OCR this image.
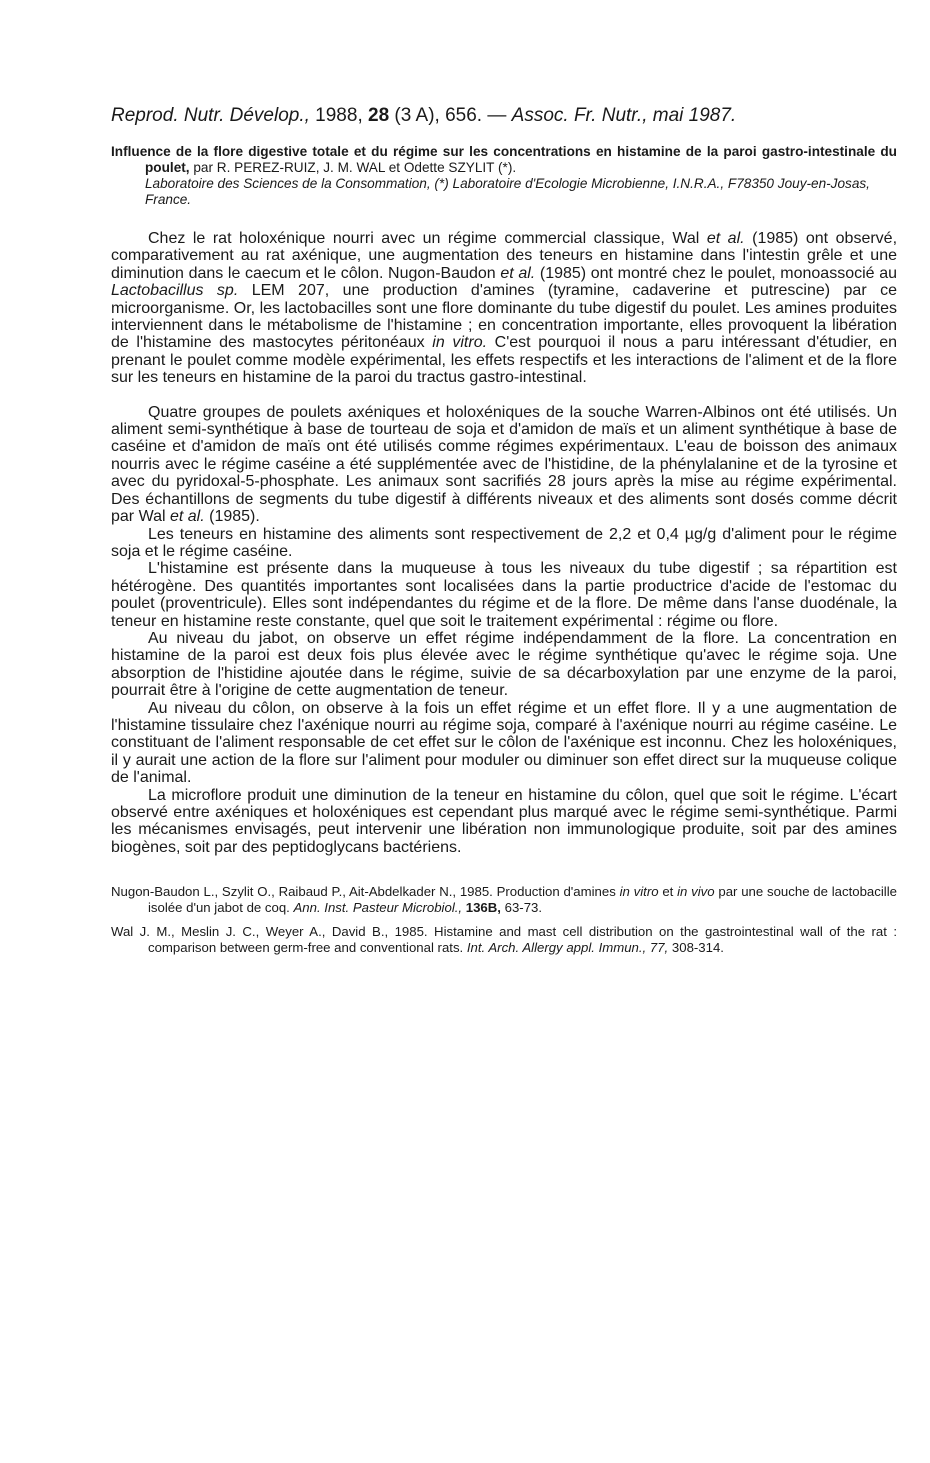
Reprod. Nutr. Dévelop., 1988, 28 (3 A), 656. — Assoc. Fr. Nutr., mai 1987.

Influence de la flore digestive totale et du régime sur les concentrations en histamine de la paroi gastro-intestinale du poulet, par R. PEREZ-RUIZ, J. M. WAL et Odette SZYLIT (*).

Laboratoire des Sciences de la Consommation, (*) Laboratoire d'Ecologie Microbienne, I.N.R.A., F78350 Jouy-en-Josas, France.

Chez le rat holoxénique nourri avec un régime commercial classique, Wal et al. (1985) ont observé, comparativement au rat axénique, une augmentation des teneurs en histamine dans l'intestin grêle et une diminution dans le caecum et le côlon. Nugon-Baudon et al. (1985) ont montré chez le poulet, monoassocié au Lactobacillus sp. LEM 207, une production d'amines (tyramine, cadaverine et putrescine) par ce microorganisme. Or, les lactobacilles sont une flore dominante du tube digestif du poulet. Les amines produites interviennent dans le métabolisme de l'histamine ; en concentration importante, elles provoquent la libération de l'histamine des mastocytes péritonéaux in vitro. C'est pourquoi il nous a paru intéressant d'étudier, en prenant le poulet comme modèle expérimental, les effets respectifs et les interactions de l'aliment et de la flore sur les teneurs en histamine de la paroi du tractus gastro-intestinal.

Quatre groupes de poulets axéniques et holoxéniques de la souche Warren-Albinos ont été utilisés. Un aliment semi-synthétique à base de tourteau de soja et d'amidon de maïs et un aliment synthétique à base de caséine et d'amidon de maïs ont été utilisés comme régimes expérimentaux. L'eau de boisson des animaux nourris avec le régime caséine a été supplémentée avec de l'histidine, de la phénylalanine et de la tyrosine et avec du pyridoxal-5-phosphate. Les animaux sont sacrifiés 28 jours après la mise au régime expérimental. Des échantillons de segments du tube digestif à différents niveaux et des aliments sont dosés comme décrit par Wal et al. (1985).

Les teneurs en histamine des aliments sont respectivement de 2,2 et 0,4 µg/g d'aliment pour le régime soja et le régime caséine.

L'histamine est présente dans la muqueuse à tous les niveaux du tube digestif ; sa répartition est hétérogène. Des quantités importantes sont localisées dans la partie productrice d'acide de l'estomac du poulet (proventricule). Elles sont indépendantes du régime et de la flore. De même dans l'anse duodénale, la teneur en histamine reste constante, quel que soit le traitement expérimental : régime ou flore.

Au niveau du jabot, on observe un effet régime indépendamment de la flore. La concentration en histamine de la paroi est deux fois plus élevée avec le régime synthétique qu'avec le régime soja. Une absorption de l'histidine ajoutée dans le régime, suivie de sa décarboxylation par une enzyme de la paroi, pourrait être à l'origine de cette augmentation de teneur.

Au niveau du côlon, on observe à la fois un effet régime et un effet flore. Il y a une augmentation de l'histamine tissulaire chez l'axénique nourri au régime soja, comparé à l'axénique nourri au régime caséine. Le constituant de l'aliment responsable de cet effet sur le côlon de l'axénique est inconnu. Chez les holoxéniques, il y aurait une action de la flore sur l'aliment pour moduler ou diminuer son effet direct sur la muqueuse colique de l'animal.

La microflore produit une diminution de la teneur en histamine du côlon, quel que soit le régime. L'écart observé entre axéniques et holoxéniques est cependant plus marqué avec le régime semi-synthétique. Parmi les mécanismes envisagés, peut intervenir une libération non immunologique produite, soit par des amines biogènes, soit par des peptidoglycans bactériens.

Nugon-Baudon L., Szylit O., Raibaud P., Ait-Abdelkader N., 1985. Production d'amines in vitro et in vivo par une souche de lactobacille isolée d'un jabot de coq. Ann. Inst. Pasteur Microbiol., 136B, 63-73.

Wal J. M., Meslin J. C., Weyer A., David B., 1985. Histamine and mast cell distribution on the gastrointestinal wall of the rat : comparison between germ-free and conventional rats. Int. Arch. Allergy appl. Immun., 77, 308-314.
